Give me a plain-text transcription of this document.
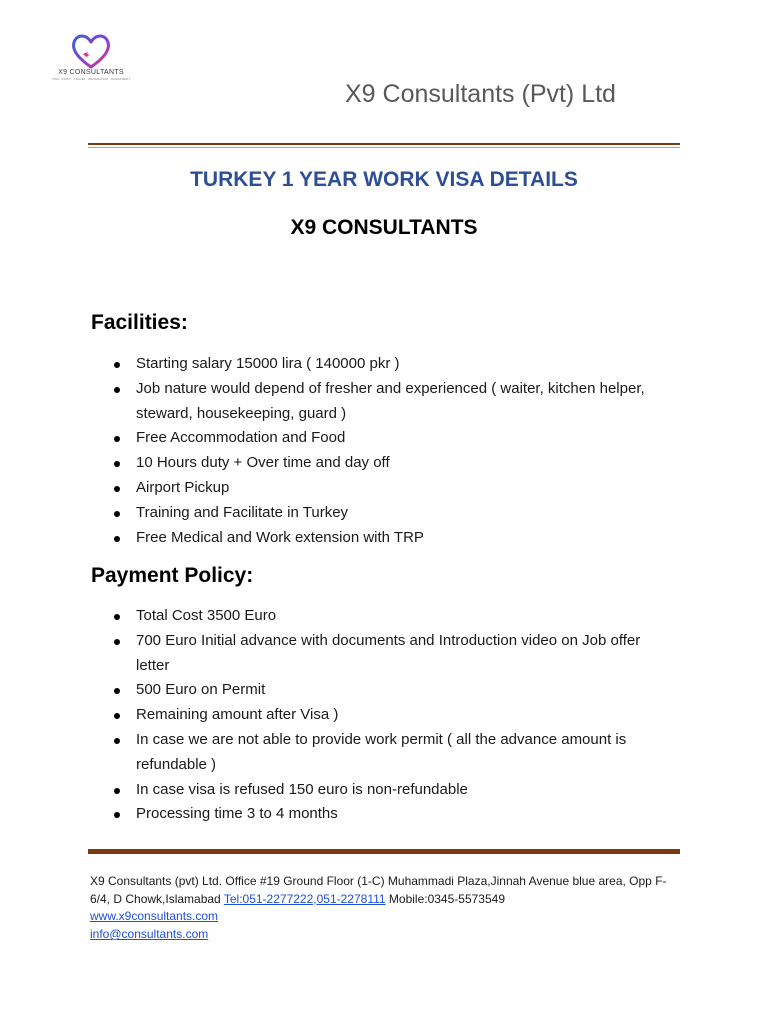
X9 CONSULTANTS
VISA · STUDY · TRAVEL · IMMIGRATION · INVESTMENT
X9 Consultants (Pvt) Ltd
TURKEY 1 YEAR WORK VISA DETAILS
X9 CONSULTANTS
Facilities:
Starting salary 15000 lira ( 140000 pkr )
Job nature would depend of fresher and experienced ( waiter, kitchen helper, steward, housekeeping, guard )
Free Accommodation and Food
10 Hours duty + Over time and day off
Airport Pickup
Training and Facilitate in Turkey
Free Medical and Work extension with TRP
Payment Policy:
Total Cost 3500 Euro
700 Euro Initial advance with documents and Introduction video on Job offer letter
500 Euro on Permit
Remaining amount after Visa )
In case we are not able to provide work permit ( all the advance amount is refundable )
In case visa is refused 150 euro is non-refundable
Processing time 3 to 4 months
X9 Consultants (pvt) Ltd. Office #19 Ground Floor (1-C) Muhammadi Plaza,Jinnah Avenue blue area, Opp F-6/4, D Chowk,Islamabad Tel:051-2277222,051-2278111 Mobile:0345-5573549
www.x9consultants.com
info@consultants.com
